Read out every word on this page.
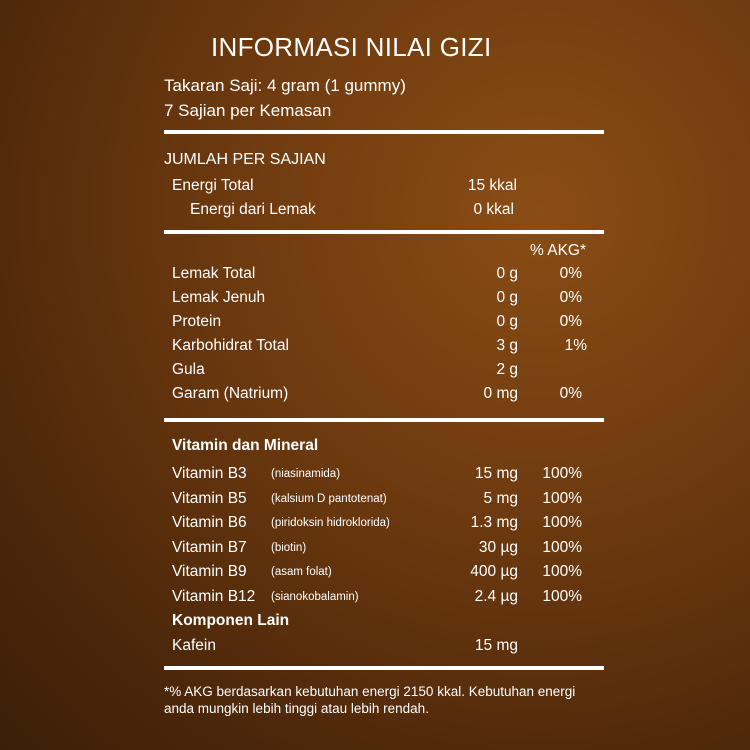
INFORMASI NILAI GIZI
Takaran Saji: 4 gram (1 gummy)
7 Sajian per Kemasan
JUMLAH PER SAJIAN
Energi Total	15 kkal
Energi dari Lemak	0 kkal
% AKG*
Lemak Total	0 g	0%
Lemak Jenuh	0 g	0%
Protein	0 g	0%
Karbohidrat Total	3 g	1%
Gula	2 g
Garam (Natrium)	0 mg	0%
Vitamin dan Mineral
Vitamin B3 (niasinamida)	15 mg	100%
Vitamin B5 (kalsium D pantotenat)	5 mg	100%
Vitamin B6 (piridoksin hidroklorida)	1.3 mg	100%
Vitamin B7 (biotin)	30 µg	100%
Vitamin B9 (asam folat)	400 µg	100%
Vitamin B12 (sianokobalamin)	2.4 µg	100%
Komponen Lain
Kafein	15 mg
*% AKG berdasarkan kebutuhan energi 2150 kkal. Kebutuhan energi anda mungkin lebih tinggi atau lebih rendah.
